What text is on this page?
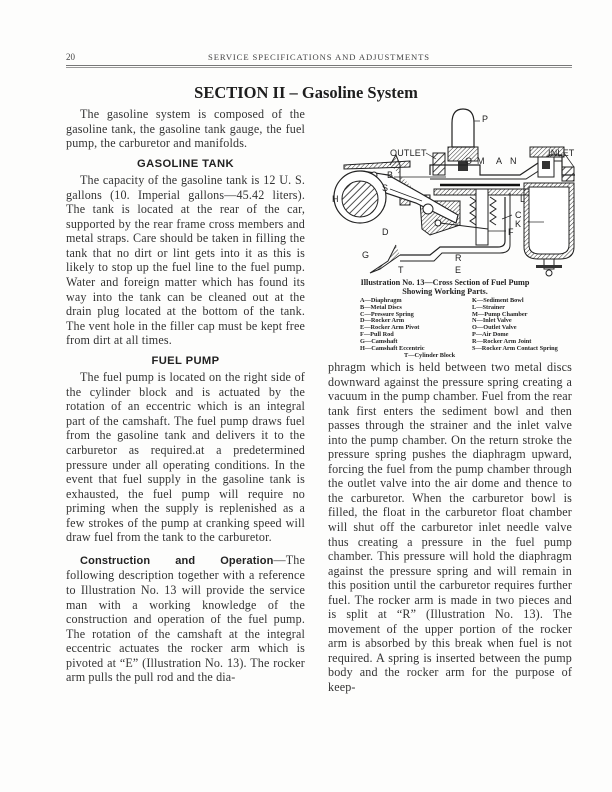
20	SERVICE SPECIFICATIONS AND ADJUSTMENTS
SECTION II – Gasoline System

The gasoline system is composed of the gasoline tank, the gasoline tank gauge, the fuel pump, the carburetor and manifolds.

GASOLINE TANK

The capacity of the gasoline tank is 12 U. S. gallons (10. Imperial gallons—45.42 liters). The tank is located at the rear of the car, supported by the rear frame cross members and metal straps. Care should be taken in filling the tank that no dirt or lint gets into it as this is likely to stop up the fuel line to the fuel pump. Water and foreign matter which has found its way into the tank can be cleaned out at the drain plug located at the bottom of the tank. The vent hole in the filler cap must be kept free from dirt at all times.

FUEL PUMP

The fuel pump is located on the right side of the cylinder block and is actuated by the rotation of an eccentric which is an integral part of the camshaft. The fuel pump draws fuel from the gasoline tank and delivers it to the carburetor as required.at a predetermined pressure under all operating conditions. In the event that fuel supply in the gasoline tank is exhausted, the fuel pump will require no priming when the supply is replenished as a few strokes of the pump at cranking speed will draw fuel from the tank to the carburetor.

Construction and Operation—The following description together with a reference to Illustration No. 13 will provide the service man with a working knowledge of the construction and operation of the fuel pump. The rotation of the camshaft at the integral eccentric actuates the rocker arm which is pivoted at “E” (Illustration No. 13). The rocker arm pulls the pull rod and the dia-

P
OUTLET	INLET
O M A N
B
S
H	L
C
K
D	F
G	R
T	E
Illustration No. 13—Cross Section of Fuel Pump
Showing Working Parts.
A—Diaphragm
B—Metal Discs
C—Pressure Spring
D—Rocker Arm
E—Rocker Arm Pivot
F—Pull Rod
G—Camshaft
H—Camshaft Eccentric
K—Sediment Bowl
L—Strainer
M—Pump Chamber
N—Inlet Valve
O—Outlet Valve
P—Air Dome
R—Rocker Arm Joint
S—Rocker Arm Contact Spring
T—Cylinder Block

phragm which is held between two metal discs downward against the pressure spring creating a vacuum in the pump chamber. Fuel from the rear tank first enters the sediment bowl and then passes through the strainer and the inlet valve into the pump chamber. On the return stroke the pressure spring pushes the diaphragm upward, forcing the fuel from the pump chamber through the outlet valve into the air dome and thence to the carburetor. When the carburetor bowl is filled, the float in the carburetor float chamber will shut off the carburetor inlet needle valve thus creating a pressure in the fuel pump chamber. This pressure will hold the diaphragm against the pressure spring and will remain in this position until the carburetor requires further fuel. The rocker arm is made in two pieces and is split at “R” (Illustration No. 13). The movement of the upper portion of the rocker arm is absorbed by this break when fuel is not required. A spring is inserted between the pump body and the rocker arm for the purpose of keep-
